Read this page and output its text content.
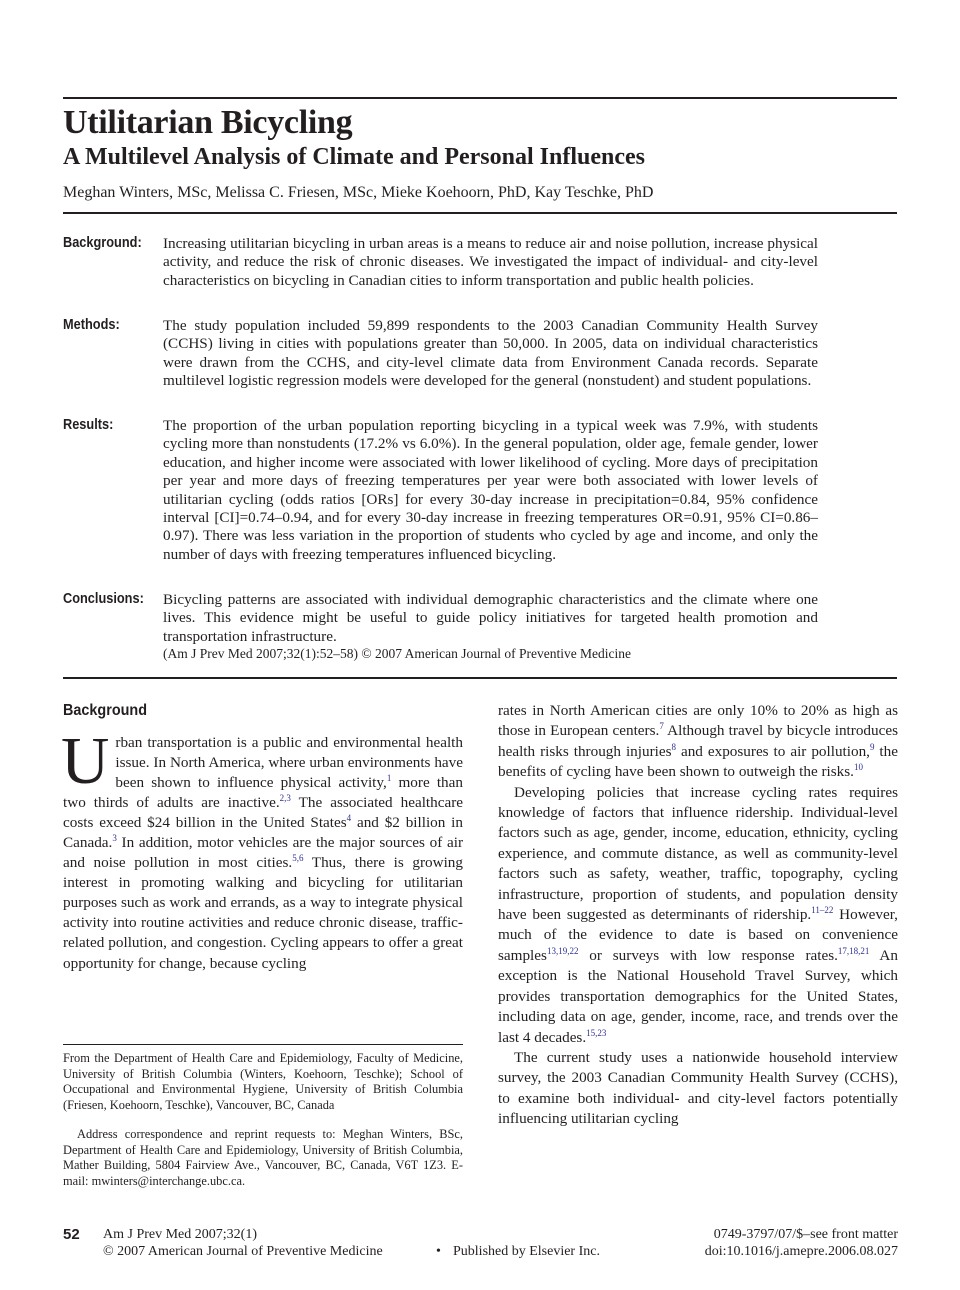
Utilitarian Bicycling
A Multilevel Analysis of Climate and Personal Influences
Meghan Winters, MSc, Melissa C. Friesen, MSc, Mieke Koehoorn, PhD, Kay Teschke, PhD
Background: Increasing utilitarian bicycling in urban areas is a means to reduce air and noise pollution, increase physical activity, and reduce the risk of chronic diseases. We investigated the impact of individual- and city-level characteristics on bicycling in Canadian cities to inform transportation and public health policies.
Methods:	The study population included 59,899 respondents to the 2003 Canadian Community Health Survey (CCHS) living in cities with populations greater than 50,000. In 2005, data on individual characteristics were drawn from the CCHS, and city-level climate data from Environment Canada records. Separate multilevel logistic regression models were developed for the general (nonstudent) and student populations.
Results:	The proportion of the urban population reporting bicycling in a typical week was 7.9%, with students cycling more than nonstudents (17.2% vs 6.0%). In the general population, older age, female gender, lower education, and higher income were associated with lower likelihood of cycling. More days of precipitation per year and more days of freezing temperatures per year were both associated with lower levels of utilitarian cycling (odds ratios [ORs] for every 30-day increase in precipitation=0.84, 95% confidence interval [CI]=0.74–0.94, and for every 30-day increase in freezing temperatures OR=0.91, 95% CI=0.86–0.97). There was less variation in the proportion of students who cycled by age and income, and only the number of days with freezing temperatures influenced bicycling.
Conclusions: Bicycling patterns are associated with individual demographic characteristics and the climate where one lives. This evidence might be useful to guide policy initiatives for targeted health promotion and transportation infrastructure.
(Am J Prev Med 2007;32(1):52–58) © 2007 American Journal of Preventive Medicine
Background
Urban transportation is a public and environmental health issue. In North America, where urban environments have been shown to influence physical activity,$^1$ more than two thirds of adults are inactive.$^{2,3}$ The associated healthcare costs exceed $24 billion in the United States$^4$ and $2 billion in Canada.$^3$ In addition, motor vehicles are the major sources of air and noise pollution in most cities.$^{5,6}$ Thus, there is growing interest in promoting walking and bicycling for utilitarian purposes such as work and errands, as a way to integrate physical activity into routine activities and reduce chronic disease, traffic-related pollution, and congestion. Cycling appears to offer a great opportunity for change, because cycling

rates in North American cities are only 10% to 20% as high as those in European centers.$^7$ Although travel by bicycle introduces health risks through injuries$^8$ and exposures to air pollution,$^9$ the benefits of cycling have been shown to outweigh the risks.$^{10}$

Developing policies that increase cycling rates requires knowledge of factors that influence ridership. Individual-level factors such as age, gender, income, education, ethnicity, cycling experience, and commute distance, as well as community-level factors such as safety, weather, traffic, topography, cycling infrastructure, proportion of students, and population density have been suggested as determinants of ridership.$^{11-22}$ However, much of the evidence to date is based on convenience samples$^{13,19,22}$ or surveys with low response rates.$^{17,18,21}$ An exception is the National Household Travel Survey, which provides transportation demographics for the United States, including data on age, gender, income, race, and trends over the last 4 decades.$^{15,23}$

The current study uses a nationwide household interview survey, the 2003 Canadian Community Health Survey (CCHS), to examine both individual- and city-level factors potentially influencing utilitarian cycling

From the Department of Health Care and Epidemiology, Faculty of Medicine, University of British Columbia (Winters, Koehoorn, Teschke); School of Occupational and Environmental Hygiene, University of British Columbia (Friesen, Koehoorn, Teschke), Vancouver, BC, Canada
Address correspondence and reprint requests to: Meghan Winters, BSc, Department of Health Care and Epidemiology, University of British Columbia, Mather Building, 5804 Fairview Ave., Vancouver, BC, Canada, V6T 1Z3. E-mail: mwinters@interchange.ubc.ca.
52 Am J Prev Med 2007;32(1)
© 2007 American Journal of Preventive Medicine	• Published by Elsevier Inc.
0749-3797/07/$–see front matter
doi:10.1016/j.amepre.2006.08.027
